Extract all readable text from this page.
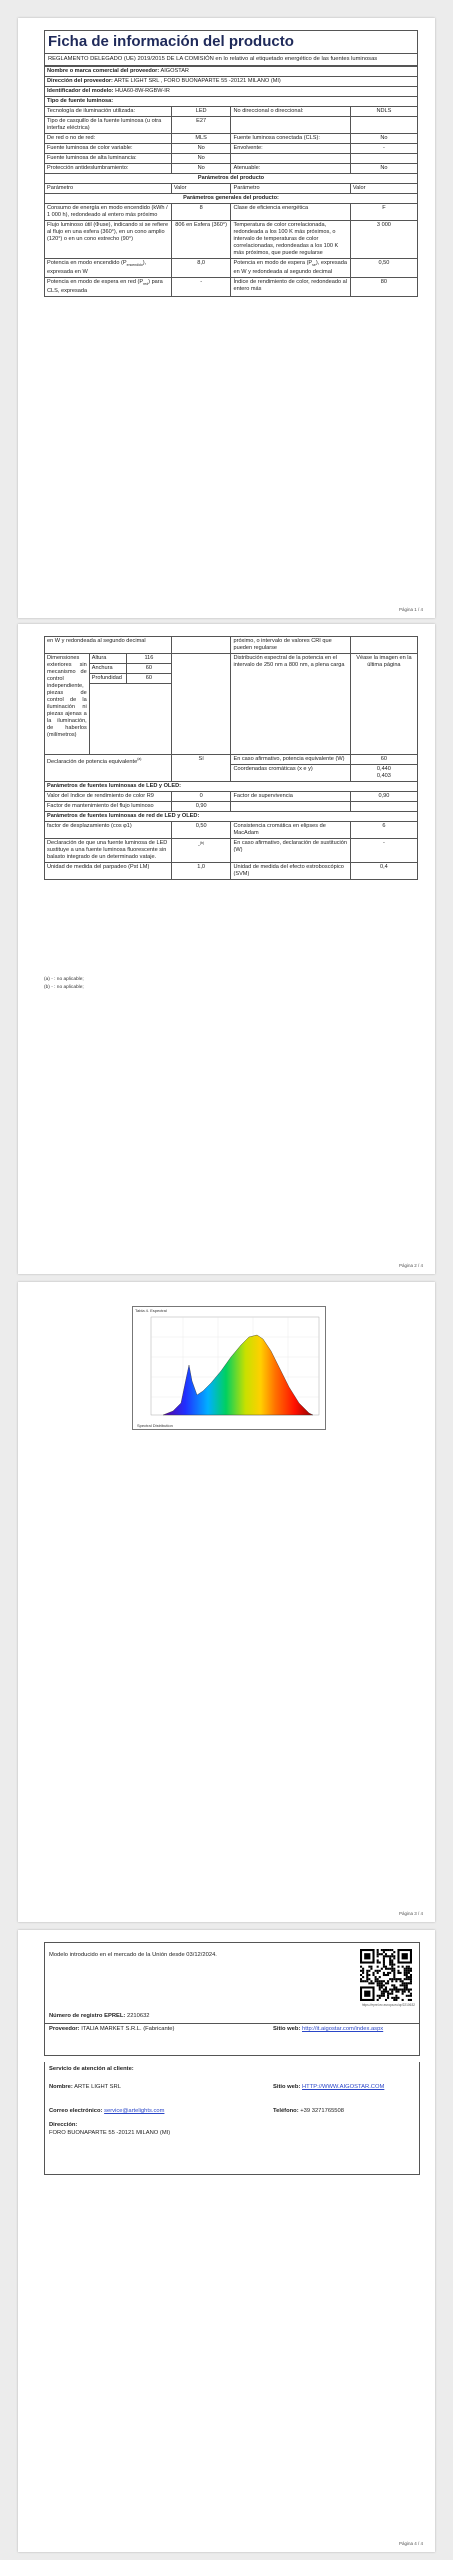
Ficha de información del producto
REGLAMENTO DELEGADO (UE) 2019/2015 DE LA COMISIÓN en lo relativo al etiquetado energético de las fuentes luminosas
Nombre o marca comercial del proveedor: AIGOSTAR			
Dirección del proveedor: ARTE LIGHT SRL , FORO BUONAPARTE 55 -20121 MILANO (MI)			
Identificador del modelo: HUA60-8W-RGBW-IR			
Tipo de fuente luminosa:			
Tecnología de iluminación utilizada:	LED	No direccional o direccional:	NDLS
Tipo de casquillo de la fuente luminosa (u otra interfaz eléctrica)	E27		
De red o no de red:	MLS	Fuente luminosa conectada (CLS):	No
Fuente luminosa de color variable:	No	Envolvente:	-
Fuente luminosa de alta luminancia:	No		
Protección antideslumbramiento:	No	Atenuable:	No
Parámetros del producto			
Parámetro	Valor	Parámetro	Valor
Parámetros generales del producto:			
Consumo de energía en modo encendido (kWh / 1 000 h), redondeado al entero más próximo	8	Clase de eficiencia energética	F
Flujo luminoso útil (Φuse), indicando si se refiere al flujo en una esfera (360°), en un cono amplio (120°) o en un cono estrecho (90°)	806 en Esfera (360°)	Temperatura de color correlacionada, redondeada a los 100 K más próximos, o intervalo de temperaturas de color correlacionadas, redondeadas a los 100 K más próximos, que puede regularse	3 000
Potencia en modo encendido $(P_{encendido})$, expresada en W	8,0	Potencia en modo de espera $(P_{se})$, expresada en W y redondeada al segundo decimal	0,50
Potencia en modo de espera en red $(P_{red})$ para CLS, expresada	-	Índice de rendimiento de color, redondeado al entero más	80
Página 1 / 4
en W y redondeada al segundo decimal				próximo, o intervalo de valores CRI que pueden regularse	
Dimensiones exteriores sin mecanismo de control independiente, piezas de control de la iluminación ni piezas ajenas a la iluminación, de haberlos (milímetros)	Altura	116		Distribución espectral de la potencia en el intervalo de 250 nm a 800 nm, a plena carga	Véase la imagen en la última página
	Anchura	60			
	Profundidad	60			

Declaración de potencia equivalente$^{(a)}$			Sí	En caso afirmativo, potencia equivalente (W)	60
				Coordenadas cromáticas (x e y)	0,440
0,403

Parámetros de fuentes luminosas de LED y OLED:					
Valor del índice de rendimiento de color R9			0	Factor de supervivencia	0,90
Factor de mantenimiento del flujo luminoso			0,90		
Parámetros de fuentes luminosas de red de LED y OLED:					
factor de desplazamiento (cos φ1)			0,50	Consistencia cromática en elipses de MacAdam	6
Declaración de que una fuente luminosa de LED sustituye a una fuente luminosa fluorescente sin balasto integrado de un determinado vataje.			-$^{(b)}$	En caso afirmativo, declaración de sustitución (W)	-
Unidad de medida del parpadeo (Pst LM)			1,0	Unidad de medida del efecto estroboscópico (SVM)	0,4
(a) - : no aplicable;
(b) - : no aplicable;
Página 2 / 4
Tabla 4. Espectral
Spectral Distribution
Página 3 / 4
Modelo introducido en el mercado de la Unión desde 03/12/2024.
https://eprel.ec.europa.eu/qr/2210632
Número de registro EPREL: 2210632
Proveedor: ITALIA MARKET S.R.L. (Fabricante)	Sitio web: http://it.aigostar.com/index.aspx
Servicio de atención al cliente:
Nombre: ARTE LIGHT SRL	Sitio web: HTTP://WWW.AIGOSTAR.COM
Correo electrónico: service@artelights.com	Teléfono: +39 3271765508
Dirección:
FORO BUONAPARTE 55 -20121 MILANO (MI)
Página 4 / 4
